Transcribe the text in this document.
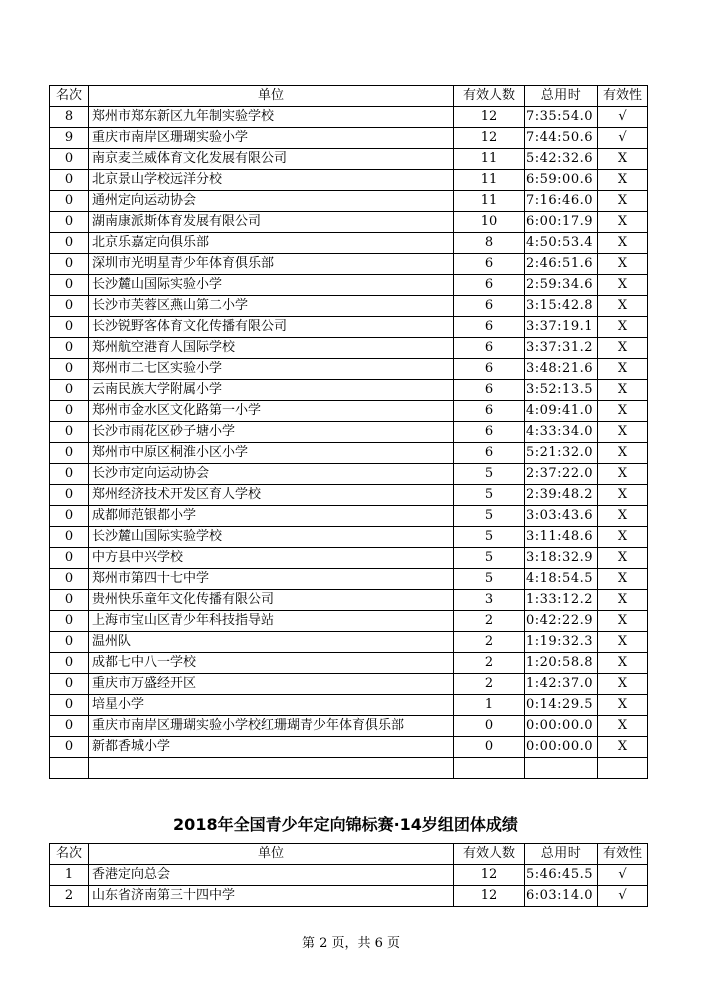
名次	单位	有效人数	总用时	有效性
8	郑州市郑东新区九年制实验学校	12	7:35:54.0	√
9	重庆市南岸区珊瑚实验小学	12	7:44:50.6	√
0	南京麦兰威体育文化发展有限公司	11	5:42:32.6	X
0	北京景山学校远洋分校	11	6:59:00.6	X
0	通州定向运动协会	11	7:16:46.0	X
0	湖南康派斯体育发展有限公司	10	6:00:17.9	X
0	北京乐嘉定向俱乐部	8	4:50:53.4	X
0	深圳市光明星青少年体育俱乐部	6	2:46:51.6	X
0	长沙麓山国际实验小学	6	2:59:34.6	X
0	长沙市芙蓉区燕山第二小学	6	3:15:42.8	X
0	长沙锐野客体育文化传播有限公司	6	3:37:19.1	X
0	郑州航空港育人国际学校	6	3:37:31.2	X
0	郑州市二七区实验小学	6	3:48:21.6	X
0	云南民族大学附属小学	6	3:52:13.5	X
0	郑州市金水区文化路第一小学	6	4:09:41.0	X
0	长沙市雨花区砂子塘小学	6	4:33:34.0	X
0	郑州市中原区桐淮小区小学	6	5:21:32.0	X
0	长沙市定向运动协会	5	2:37:22.0	X
0	郑州经济技术开发区育人学校	5	2:39:48.2	X
0	成都师范银都小学	5	3:03:43.6	X
0	长沙麓山国际实验学校	5	3:11:48.6	X
0	中方县中兴学校	5	3:18:32.9	X
0	郑州市第四十七中学	5	4:18:54.5	X
0	贵州快乐童年文化传播有限公司	3	1:33:12.2	X
0	上海市宝山区青少年科技指导站	2	0:42:22.9	X
0	温州队	2	1:19:32.3	X
0	成都七中八一学校	2	1:20:58.8	X
0	重庆市万盛经开区	2	1:42:37.0	X
0	培星小学	1	0:14:29.5	X
0	重庆市南岸区珊瑚实验小学校红珊瑚青少年体育俱乐部	0	0:00:00.0	X
0	新都香城小学	0	0:00:00.0	X

2018年全国青少年定向锦标赛·14岁组团体成绩
名次	单位	有效人数	总用时	有效性
1	香港定向总会	12	5:46:45.5	√
2	山东省济南第三十四中学	12	6:03:14.0	√
第 2 页，共 6 页
